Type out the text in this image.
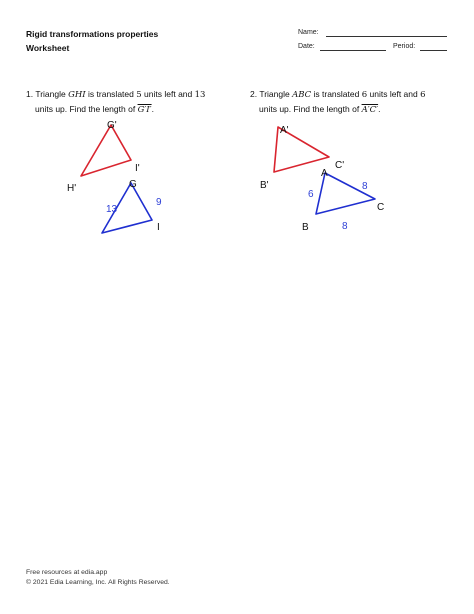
Rigid transformations properties
Worksheet
Name:
Date:	Period:
1. Triangle GHI is translated 5 units left and 13
units up. Find the length of G′I′.
2. Triangle ABC is translated 6 units left and 6
units up. Find the length of A′C′.
G'
H'
I'
G
I
13
9
A'
B'
C'
A
B
C
6
8
8
Free resources at edia.app
© 2021 Edia Learning, Inc. All Rights Reserved.
